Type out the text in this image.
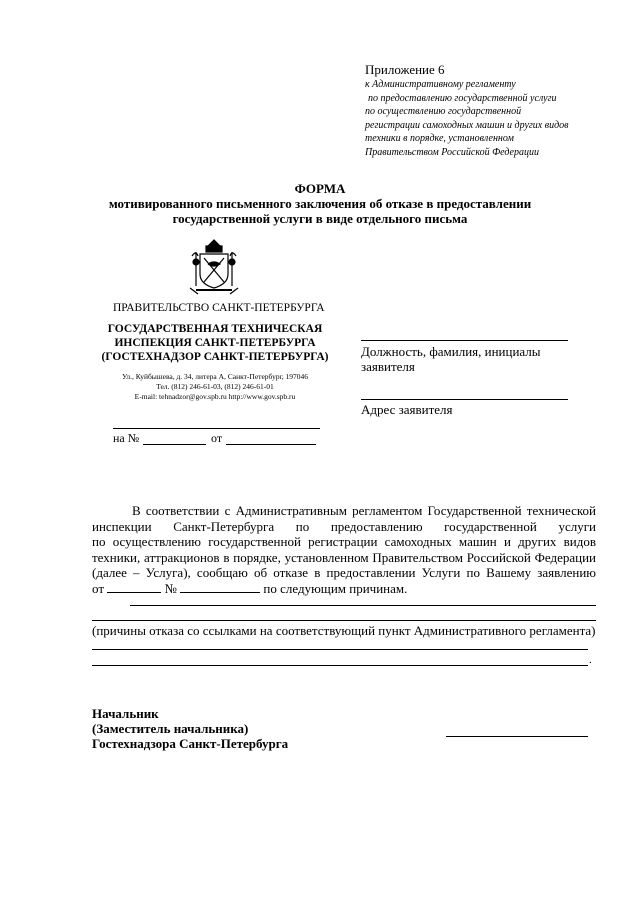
Приложение 6
к Административному регламенту
по предоставлению государственной услуги
по осуществлению государственной
регистрации самоходных машин и других видов
техники в порядке, установленном
Правительством Российской Федерации
ФОРМА
мотивированного письменного заключения об отказе в предоставлении
государственной услуги в виде отдельного письма
ПРАВИТЕЛЬСТВО САНКТ-ПЕТЕРБУРГА
ГОСУДАРСТВЕННАЯ ТЕХНИЧЕСКАЯ
ИНСПЕКЦИЯ САНКТ-ПЕТЕРБУРГА
(ГОСТЕХНАДЗОР САНКТ-ПЕТЕРБУРГА)
Ул., Куйбышева, д. 34, литера А, Санкт-Петербург, 197046
Тел. (812) 246-61-03, (812) 246-61-01
E-mail: tehnadzor@gov.spb.ru http://www.gov.spb.ru
на №	от
Должность, фамилия, инициалы
заявителя
Адрес заявителя
В соответствии с Административным регламентом Государственной технической
инспекции Санкт-Петербурга по предоставлению государственной услуги
по осуществлению государственной регистрации самоходных машин и других видов
техники, аттракционов в порядке, установленном Правительством Российской Федерации
(далее – Услуга), сообщаю об отказе в предоставлении Услуги по Вашему заявлению
от	№	по следующим причинам.
(причины отказа со ссылками на соответствующий пункт Административного регламента)
.
Начальник
(Заместитель начальника)
Гостехнадзора Санкт-Петербурга
